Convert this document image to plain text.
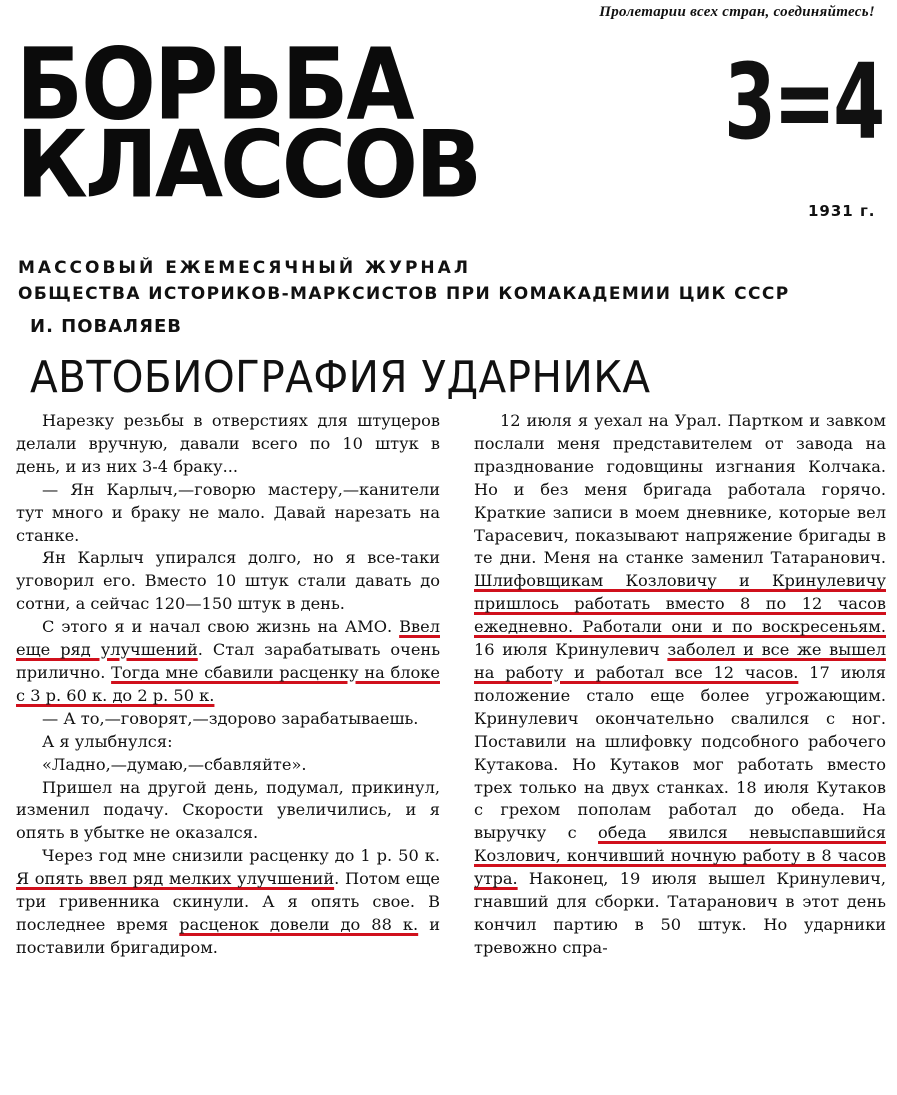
Пролетарии всех стран, соединяйтесь!
БОРЬБА
КЛАССОВ
3=4
1931 г.
МАССОВЫЙ ЕЖЕМЕСЯЧНЫЙ ЖУРНАЛ
ОБЩЕСТВА ИСТОРИКОВ-МАРКСИСТОВ ПРИ КОМАКАДЕМИИ ЦИК СССР
И. ПОВАЛЯЕВ
АВТОБИОГРАФИЯ УДАРНИКА

Нарезку резьбы в отверстиях для штуцеров делали вручную, давали всего по 10 штук в день, и из них 3-4 браку...

— Ян Карлыч,—говорю мастеру,—канители тут много и браку не мало. Давай нарезать на станке.

Ян Карлыч упирался долго, но я все-таки уговорил его. Вместо 10 штук стали давать до сотни, а сейчас 120—150 штук в день.

С этого я и начал свою жизнь на АМО. Ввел еще ряд улучшений. Стал зарабатывать очень прилично. Тогда мне сбавили расценку на блоке с 3 р. 60 к. до 2 р. 50 к.

— А то,—говорят,—здорово зарабатываешь.

А я улыбнулся:

«Ладно,—думаю,—сбавляйте».

Пришел на другой день, подумал, прикинул, изменил подачу. Скорости увеличились, и я опять в убытке не оказался.

Через год мне снизили расценку до 1 р. 50 к. Я опять ввел ряд мелких улучшений. Потом еще три гривенника скинули. А я опять свое. В последнее время расценок довели до 88 к. и поставили бригадиром.

12 июля я уехал на Урал. Партком и завком послали меня представителем от завода на празднование годовщины изгнания Колчака. Но и без меня бригада работала горячо. Краткие записи в моем дневнике, которые вел Тарасевич, показывают напряжение бригады в те дни. Меня на станке заменил Татаранович. Шлифовщикам Козловичу и Кринулевичу пришлось работать вместо 8 по 12 часов ежедневно. Работали они и по воскресеньям. 16 июля Кринулевич заболел и все же вышел на работу и работал все 12 часов. 17 июля положение стало еще более угрожающим. Кринулевич окончательно свалился с ног. Поставили на шлифовку подсобного рабочего Кутакова. Но Кутаков мог работать вместо трех только на двух станках. 18 июля Кутаков с грехом пополам работал до обеда. На выручку с обеда явился невыспавшийся Козлович, кончивший ночную работу в 8 часов утра. Наконец, 19 июля вышел Кринулевич, гнавший для сборки. Татаранович в этот день кончил партию в 50 штук. Но ударники тревожно спра-
